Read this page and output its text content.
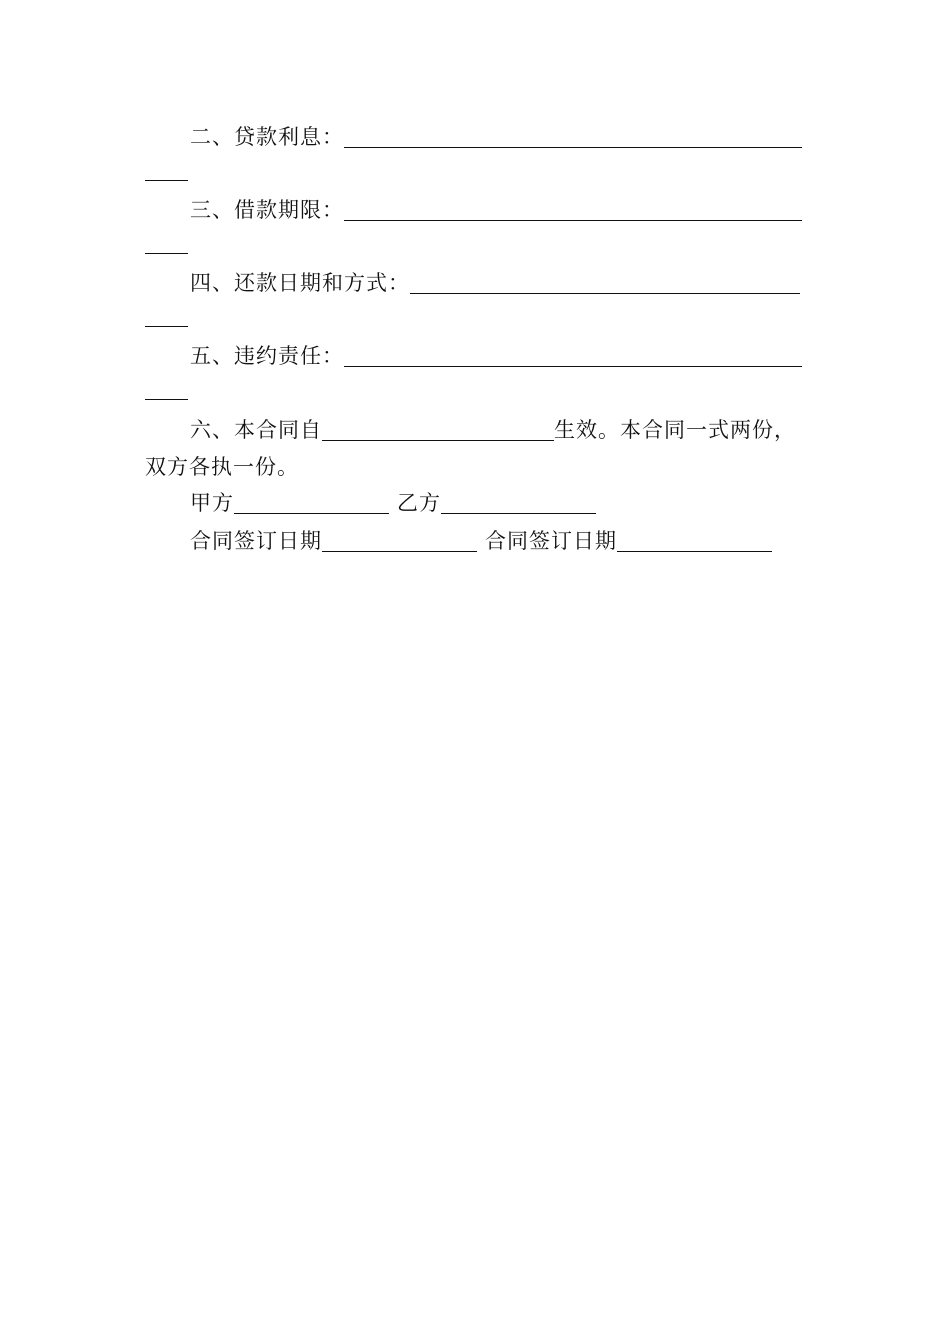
二、贷款利息：
三、借款期限：
四、还款日期和方式：
五、违约责任：
六、本合同自	生效。本合同一式两份，
双方各执一份。
甲方	乙方
合同签订日期	合同签订日期
